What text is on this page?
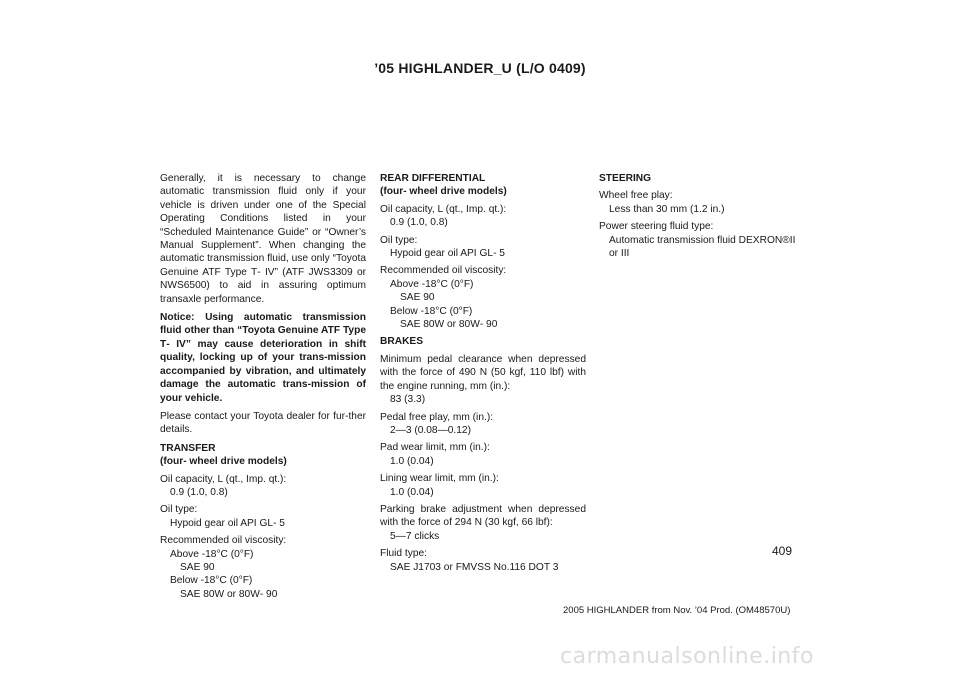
’05 HIGHLANDER_U (L/O 0409)

Generally, it is necessary to change automatic transmission fluid only if your vehicle is driven under one of the Special Operating Conditions listed in your “Scheduled Maintenance Guide” or “Owner’s Manual Supplement”. When changing the automatic transmission fluid, use only “Toyota Genuine ATF Type T‑ IV” (ATF JWS3309 or NWS6500) to aid in assuring optimum transaxle performance.

Notice: Using automatic transmission fluid other than “Toyota Genuine ATF Type T‑ IV” may cause deterioration in shift quality, locking up of your trans-mission accompanied by vibration, and ultimately damage the automatic trans-mission of your vehicle.

Please contact your Toyota dealer for fur-ther details.

TRANSFER
(four‑ wheel drive models)
Oil capacity, L (qt., Imp. qt.):
0.9 (1.0, 0.8)
Oil type:
Hypoid gear oil API GL‑ 5
Recommended oil viscosity:
Above ‑18°C (0°F)
SAE 90
Below ‑18°C (0°F)
SAE 80W or 80W‑ 90
REAR DIFFERENTIAL
(four‑ wheel drive models)
Oil capacity, L (qt., Imp. qt.):
0.9 (1.0, 0.8)
Oil type:
Hypoid gear oil API GL‑ 5
Recommended oil viscosity:
Above ‑18°C (0°F)
SAE 90
Below ‑18°C (0°F)
SAE 80W or 80W‑ 90
BRAKES
Minimum pedal clearance when depressed with the force of 490 N (50 kgf, 110 lbf) with the engine running, mm (in.):
83 (3.3)
Pedal free play, mm (in.):
2—3 (0.08—0.12)
Pad wear limit, mm (in.):
1.0 (0.04)
Lining wear limit, mm (in.):
1.0 (0.04)
Parking brake adjustment when depressed with the force of 294 N (30 kgf, 66 lbf):
5—7 clicks
Fluid type:
SAE J1703 or FMVSS No.116 DOT 3
STEERING
Wheel free play:
Less than 30 mm (1.2 in.)
Power steering fluid type:
Automatic transmission fluid DEXRON®II or III
409
2005 HIGHLANDER from Nov. ’04 Prod. (OM48570U)
carmanualsonline.info
